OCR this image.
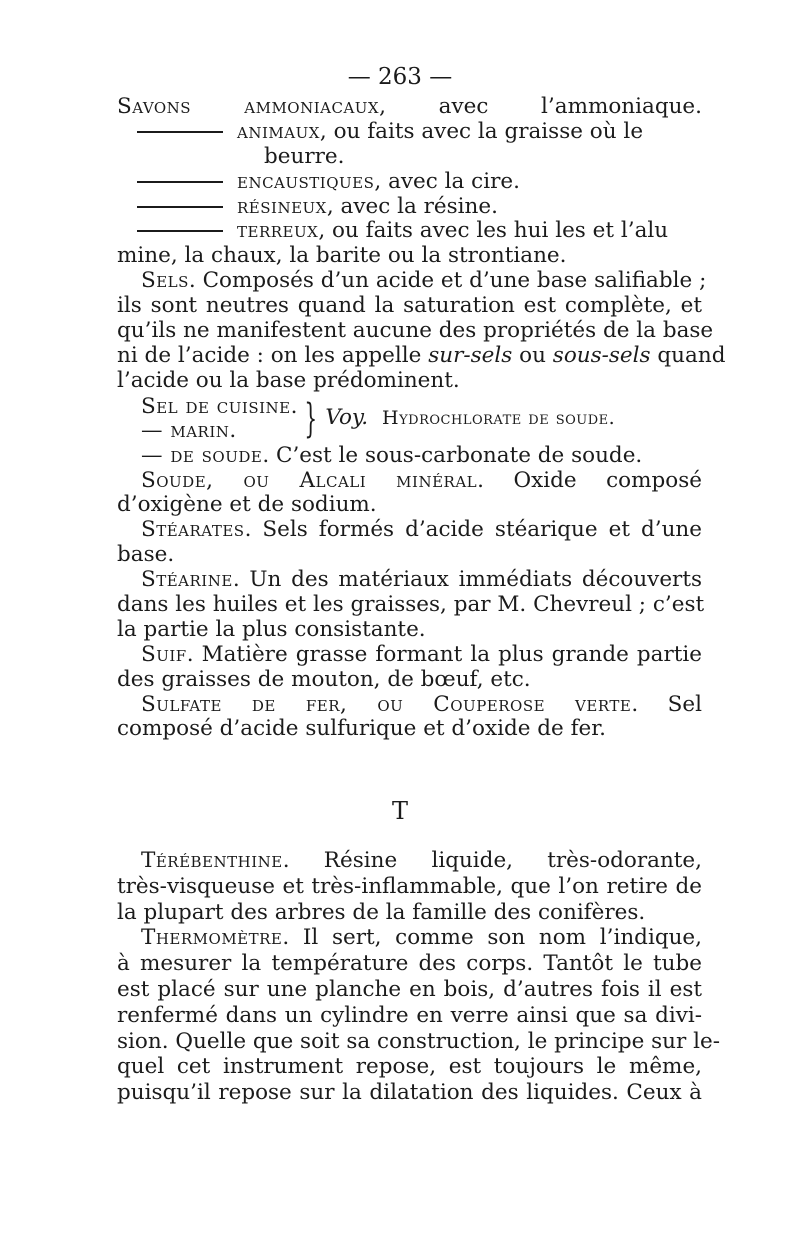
— 263 —
Savons ammoniacaux, avec l’ammoniaque.
animaux, ou faits avec la graisse où le
beurre.
encaustiques, avec la cire.
résineux, avec la résine.
terreux, ou faits avec les hui les et l’alu
mine, la chaux, la barite ou la strontiane.
Sels. Composés d’un acide et d’une base salifiable ;
ils sont neutres quand la saturation est complète, et
qu’ils ne manifestent aucune des propriétés de la base
ni de l’acide : on les appelle sur-sels ou sous-sels quand
l’acide ou la base prédominent.
Sel de cuisine.
— marin.	} Voy. Hydrochlorate de soude.
— de soude. C’est le sous-carbonate de soude.
Soude, ou Alcali minéral. Oxide composé
d’oxigène et de sodium.
Stéarates. Sels formés d’acide stéarique et d’une
base.
Stéarine. Un des matériaux immédiats découverts
dans les huiles et les graisses, par M. Chevreul ; c’est
la partie la plus consistante.
Suif. Matière grasse formant la plus grande partie
des graisses de mouton, de bœuf, etc.
Sulfate de fer, ou Couperose verte. Sel
composé d’acide sulfurique et d’oxide de fer.
T
Térébenthine. Résine liquide, très-odorante,
très-visqueuse et très-inflammable, que l’on retire de
la plupart des arbres de la famille des conifères.
Thermomètre. Il sert, comme son nom l’indique,
à mesurer la température des corps. Tantôt le tube
est placé sur une planche en bois, d’autres fois il est
renfermé dans un cylindre en verre ainsi que sa divi-
sion. Quelle que soit sa construction, le principe sur le-
quel cet instrument repose, est toujours le même,
puisqu’il repose sur la dilatation des liquides. Ceux à
